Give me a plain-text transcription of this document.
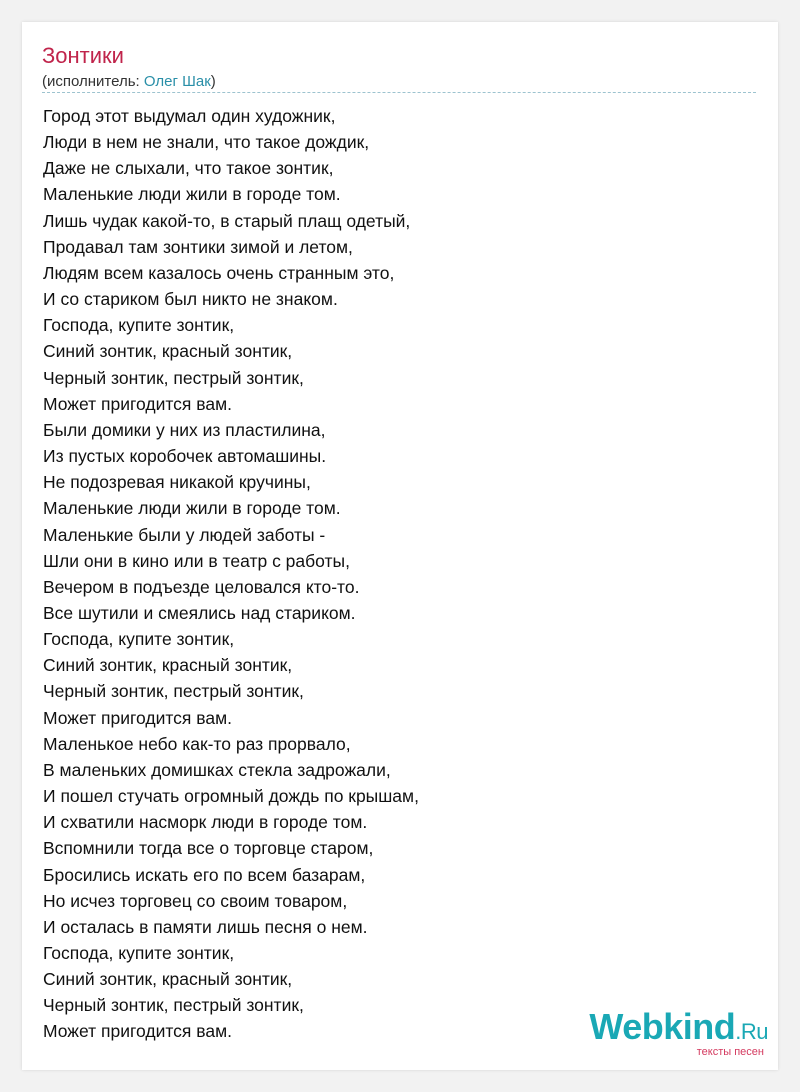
Зонтики
(исполнитель: Олег Шак)
Город этот выдумал один художник,
Люди в нем не знали, что такое дождик,
Даже не слыхали, что такое зонтик,
Маленькие люди жили в городе том.
Лишь чудак какой-то, в старый плащ одетый,
Продавал там зонтики зимой и летом,
Людям всем казалось очень странным это,
И со стариком был никто не знаком.
Господа, купите зонтик,
Синий зонтик, красный зонтик,
Черный зонтик, пестрый зонтик,
Может пригодится вам.
Были домики у них из пластилина,
Из пустых коробочек автомашины.
Не подозревая никакой кручины,
Маленькие люди жили в городе том.
Маленькие были у людей заботы -
Шли они в кино или в театр с работы,
Вечером в подъезде целовался кто-то.
Все шутили и смеялись над стариком.
Господа, купите зонтик,
Синий зонтик, красный зонтик,
Черный зонтик, пестрый зонтик,
Может пригодится вам.
Маленькое небо как-то раз прорвало,
В маленьких домишках стекла задрожали,
И пошел стучать огромный дождь по крышам,
И схватили насморк люди в городе том.
Вспомнили тогда все о торговце старом,
Бросились искать его по всем базарам,
Но исчез торговец со своим товаром,
И осталась в памяти лишь песня о нем.
Господа, купите зонтик,
Синий зонтик, красный зонтик,
Черный зонтик, пестрый зонтик,
Может пригодится вам.	Webkind.Ru
тексты песен
